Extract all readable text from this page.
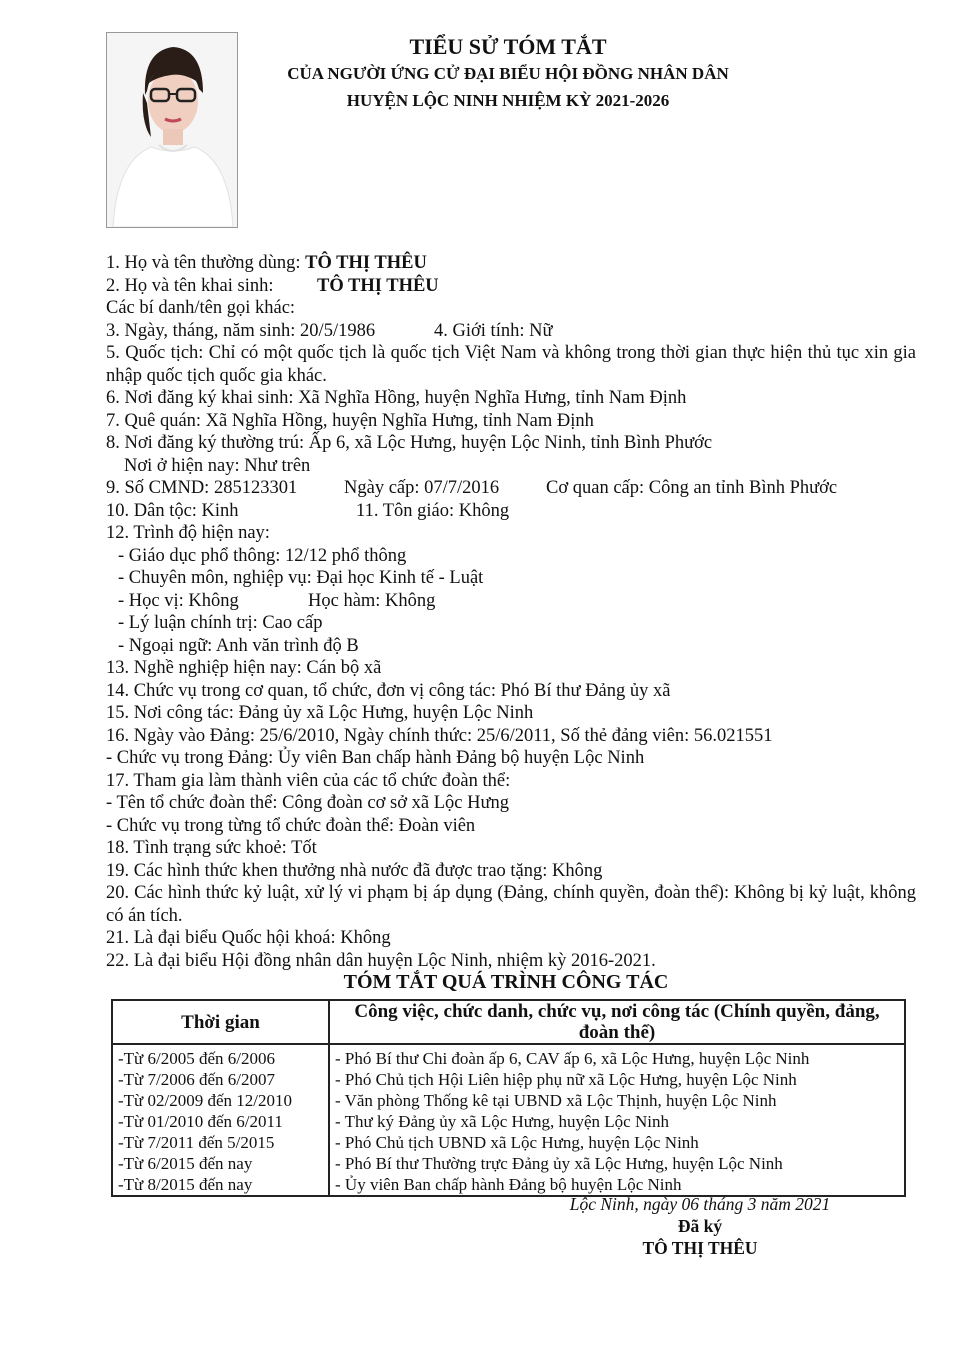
TIỂU SỬ TÓM TẮT
CỦA NGƯỜI ỨNG CỬ ĐẠI BIỂU HỘI ĐỒNG NHÂN DÂN
HUYỆN LỘC NINH NHIỆM KỲ 2021-2026
1. Họ và tên thường dùng: TÔ THỊ THÊU
2. Họ và tên khai sinh: TÔ THỊ THÊU
Các bí danh/tên gọi khác:
3. Ngày, tháng, năm sinh: 20/5/1986	4. Giới tính: Nữ
5. Quốc tịch: Chỉ có một quốc tịch là quốc tịch Việt Nam và không trong thời gian thực hiện thủ tục xin gia nhập quốc tịch quốc gia khác.
6. Nơi đăng ký khai sinh: Xã Nghĩa Hồng, huyện Nghĩa Hưng, tỉnh Nam Định
7. Quê quán: Xã Nghĩa Hồng, huyện Nghĩa Hưng, tỉnh Nam Định
8. Nơi đăng ký thường trú: Ấp 6, xã Lộc Hưng, huyện Lộc Ninh, tỉnh Bình Phước
Nơi ở hiện nay: Như trên
9. Số CMND: 285123301	Ngày cấp: 07/7/2016	Cơ quan cấp: Công an tỉnh Bình Phước
10. Dân tộc: Kinh	11. Tôn giáo: Không
12. Trình độ hiện nay:
- Giáo dục phổ thông: 12/12 phổ thông
- Chuyên môn, nghiệp vụ: Đại học Kinh tế - Luật
- Học vị: Không	Học hàm: Không
- Lý luận chính trị: Cao cấp
- Ngoại ngữ: Anh văn trình độ B
13. Nghề nghiệp hiện nay: Cán bộ xã
14. Chức vụ trong cơ quan, tổ chức, đơn vị công tác: Phó Bí thư Đảng ủy xã
15. Nơi công tác: Đảng ủy xã Lộc Hưng, huyện Lộc Ninh
16. Ngày vào Đảng: 25/6/2010, Ngày chính thức: 25/6/2011, Số thẻ đảng viên: 56.021551
- Chức vụ trong Đảng: Ủy viên Ban chấp hành Đảng bộ huyện Lộc Ninh
17. Tham gia làm thành viên của các tổ chức đoàn thể:
- Tên tổ chức đoàn thể: Công đoàn cơ sở xã Lộc Hưng
- Chức vụ trong từng tổ chức đoàn thể: Đoàn viên
18. Tình trạng sức khoẻ: Tốt
19. Các hình thức khen thưởng nhà nước đã được trao tặng: Không
20. Các hình thức kỷ luật, xử lý vi phạm bị áp dụng (Đảng, chính quyền, đoàn thể): Không bị kỷ luật, không có án tích.
21. Là đại biểu Quốc hội khoá: Không
22. Là đại biểu Hội đồng nhân dân huyện Lộc Ninh, nhiệm kỳ 2016-2021.
TÓM TẮT QUÁ TRÌNH CÔNG TÁC
Thời gian	Công việc, chức danh, chức vụ, nơi công tác (Chính quyền, đảng, đoàn thể)
-Từ 6/2005 đến 6/2006	- Phó Bí thư Chi đoàn ấp 6, CAV ấp 6, xã Lộc Hưng, huyện Lộc Ninh
-Từ 7/2006 đến 6/2007	- Phó Chủ tịch Hội Liên hiệp phụ nữ xã Lộc Hưng, huyện Lộc Ninh
-Từ 02/2009 đến 12/2010	- Văn phòng Thống kê tại UBND xã Lộc Thịnh, huyện Lộc Ninh
-Từ 01/2010 đến 6/2011	- Thư ký Đảng ủy xã Lộc Hưng, huyện Lộc Ninh
-Từ 7/2011 đến 5/2015	- Phó Chủ tịch UBND xã Lộc Hưng, huyện Lộc Ninh
-Từ 6/2015 đến nay	- Phó Bí thư Thường trực Đảng ủy xã Lộc Hưng, huyện Lộc Ninh
-Từ 8/2015 đến nay	- Ủy viên Ban chấp hành Đảng bộ huyện Lộc Ninh
Lộc Ninh, ngày 06 tháng 3 năm 2021
Đã ký
TÔ THỊ THÊU
